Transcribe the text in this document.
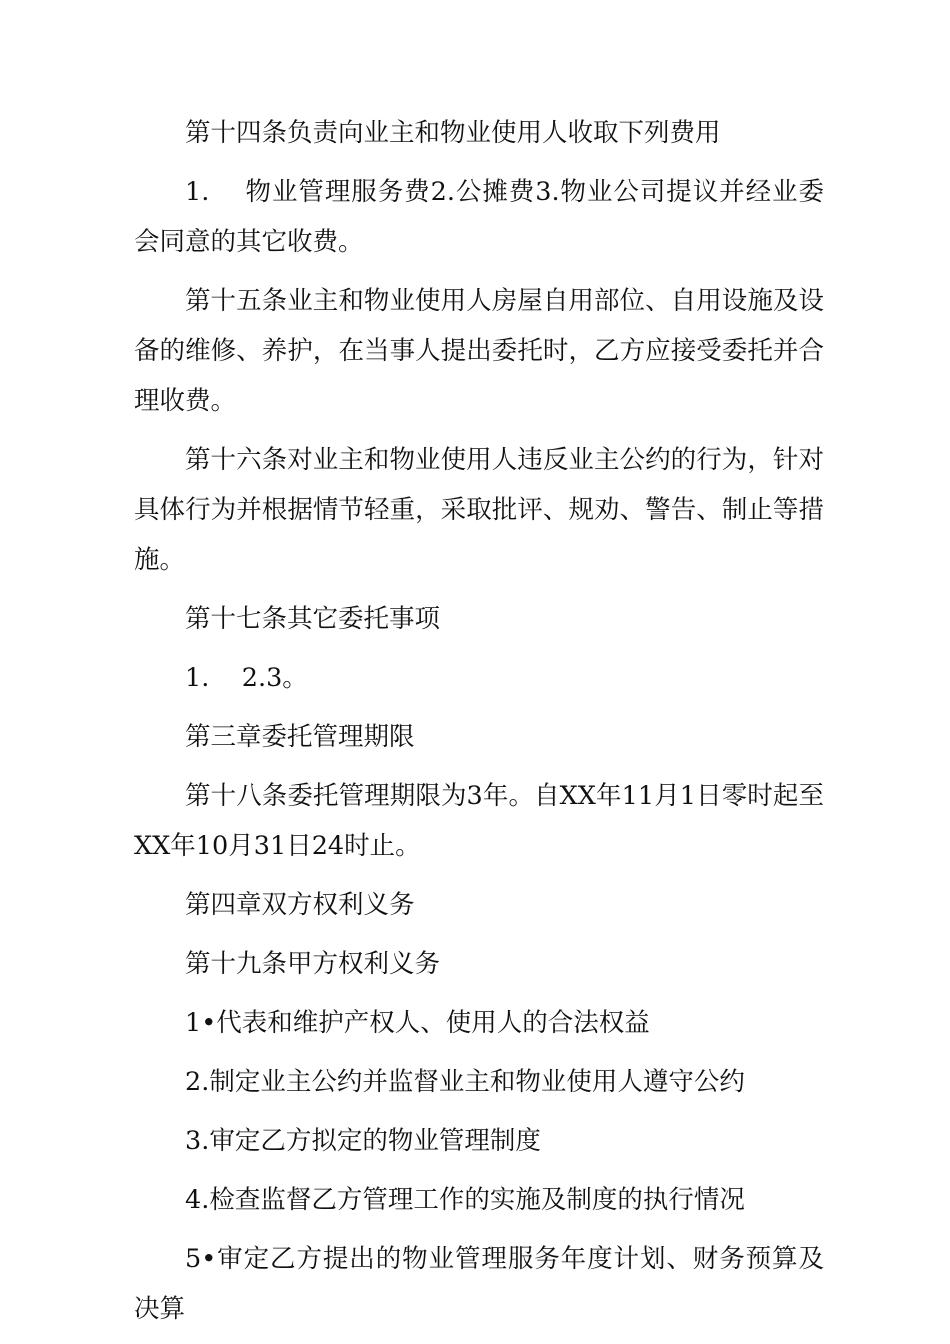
第十四条负责向业主和物业使用人收取下列费用

1.    物业管理服务费2.公摊费3.物业公司提议并经业委会同意的其它收费。

第十五条业主和物业使用人房屋自用部位、自用设施及设备的维修、养护，在当事人提出委托时，乙方应接受委托并合理收费。

第十六条对业主和物业使用人违反业主公约的行为，针对具体行为并根据情节轻重，采取批评、规劝、警告、制止等措施。

第十七条其它委托事项

1.    2.3。

第三章委托管理期限

第十八条委托管理期限为3年。自XX年11月1日零时起至XX年10月31日24时止。

第四章双方权利义务

第十九条甲方权利义务

1•代表和维护产权人、使用人的合法权益

2.制定业主公约并监督业主和物业使用人遵守公约

3.审定乙方拟定的物业管理制度

4.检查监督乙方管理工作的实施及制度的执行情况

5•审定乙方提出的物业管理服务年度计划、财务预算及决算
